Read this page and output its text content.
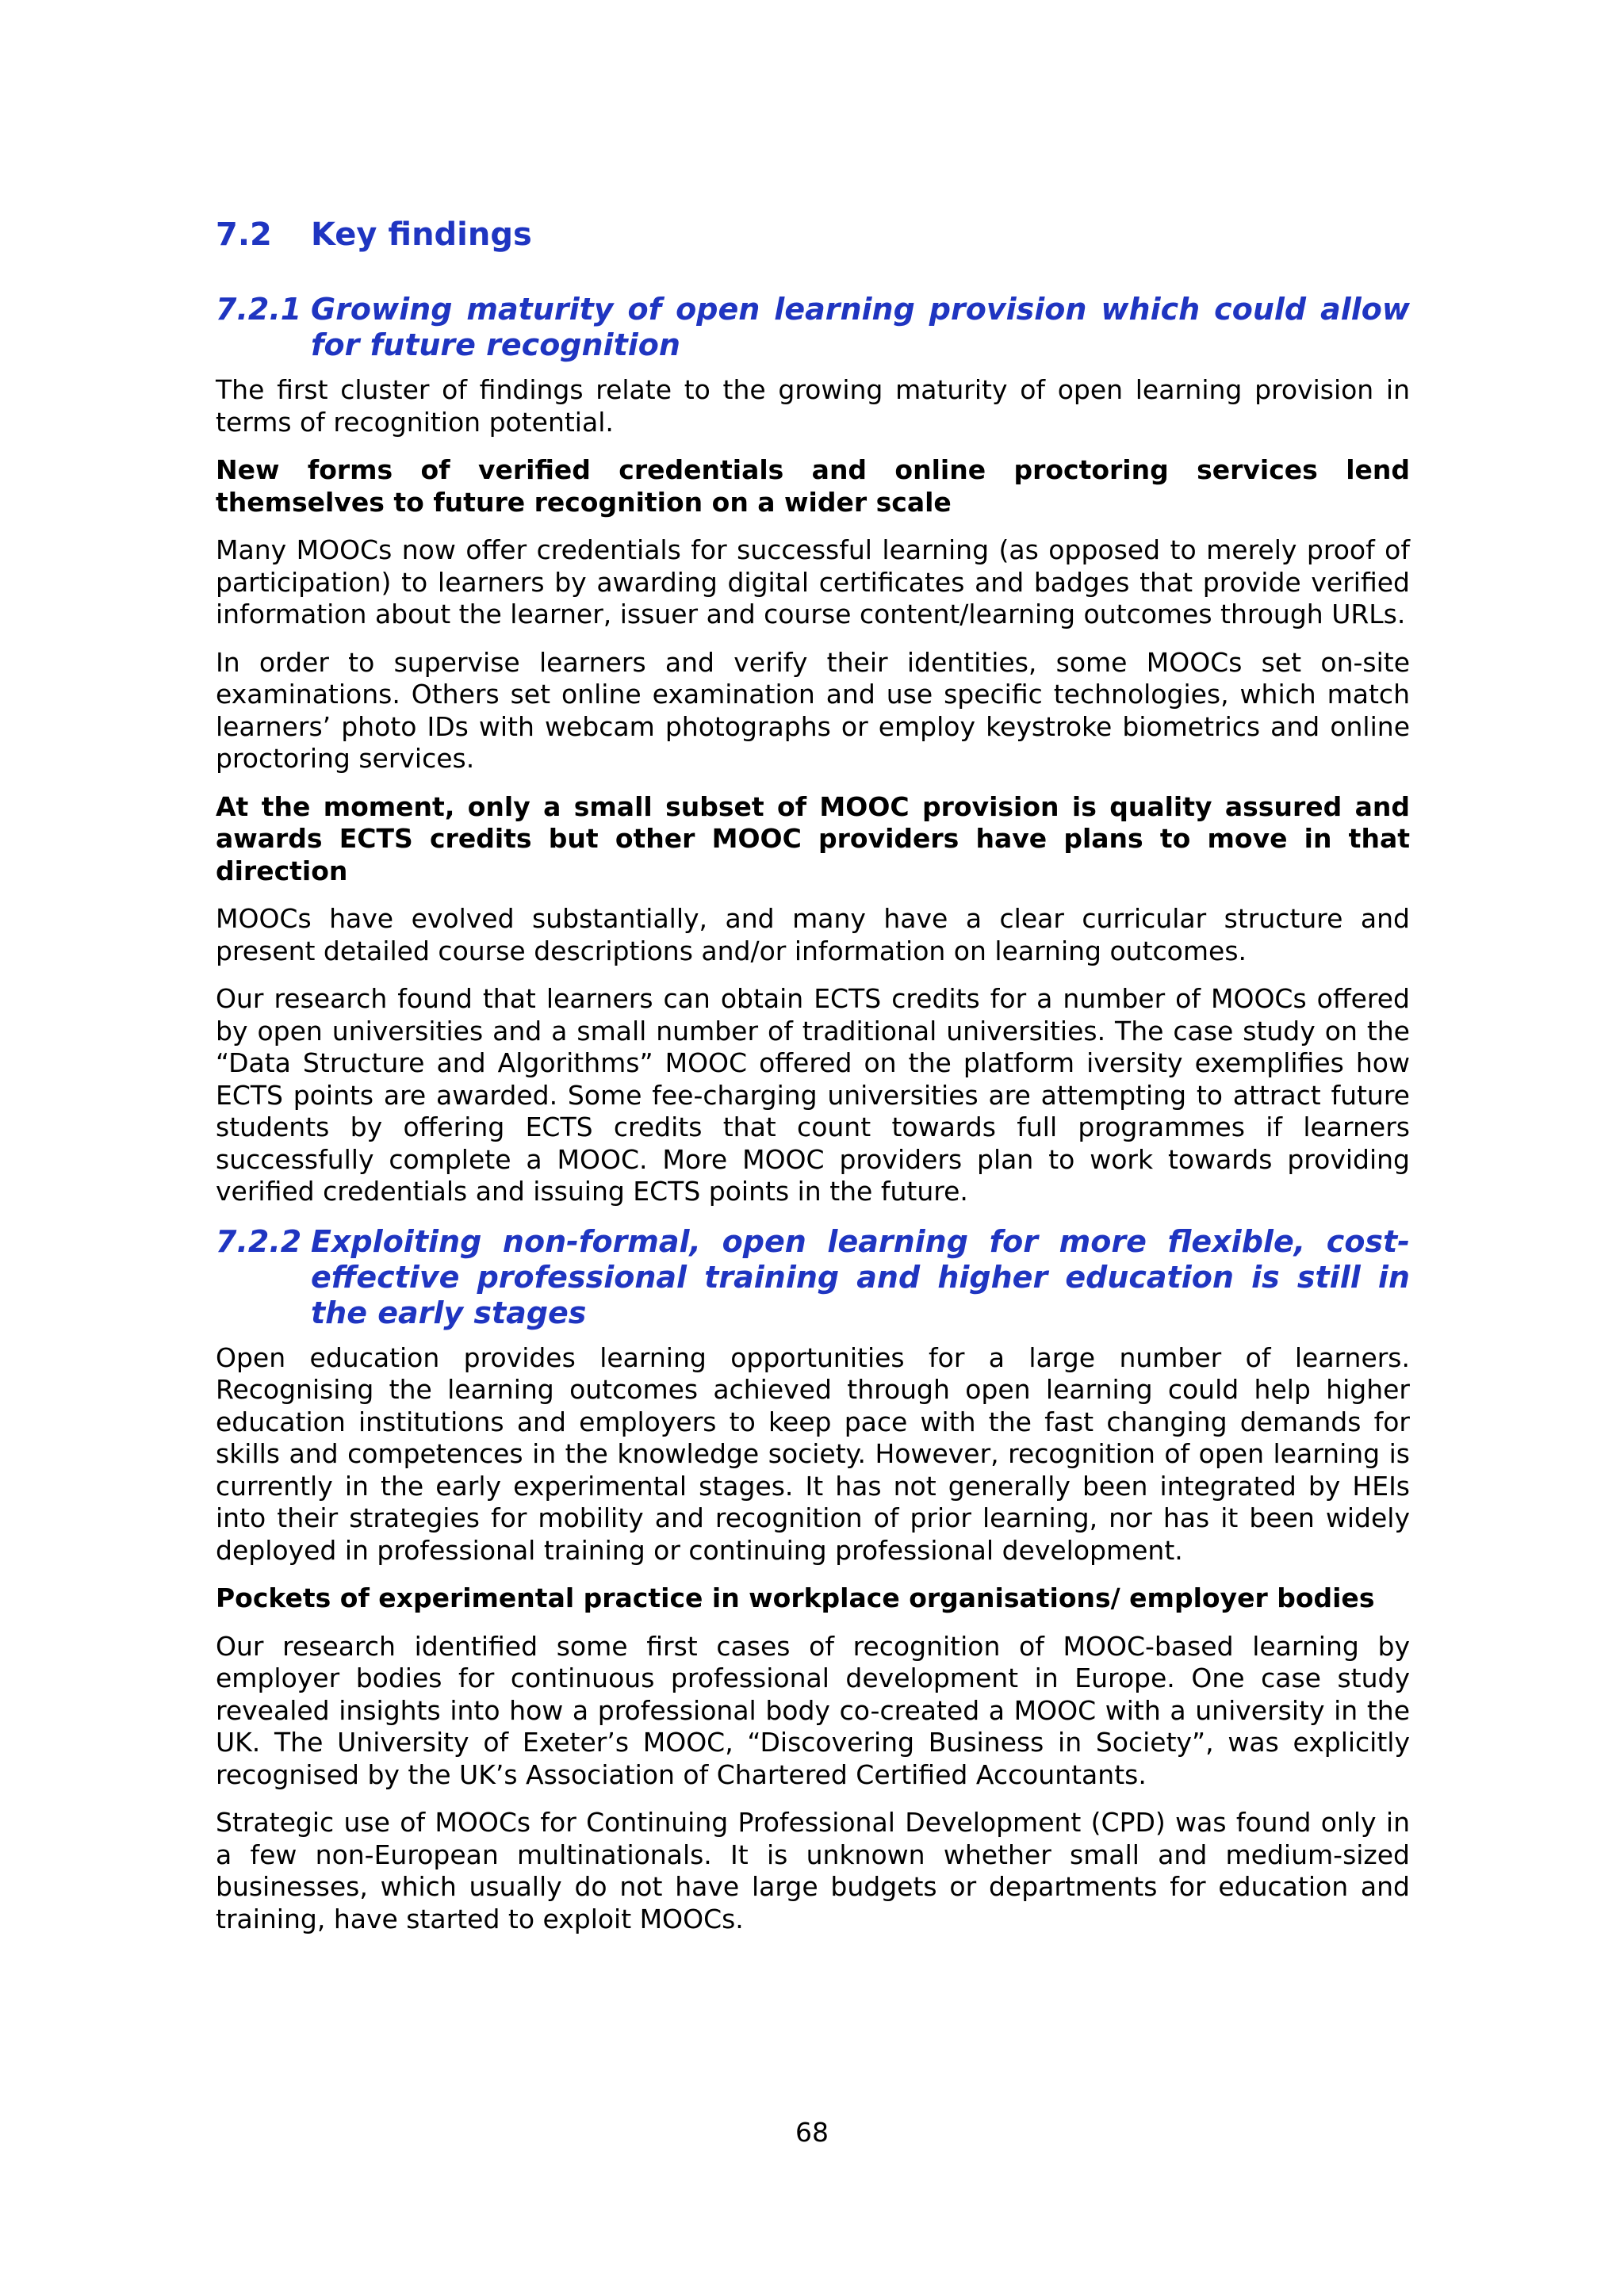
7.2	Key findings
7.2.1 Growing maturity of open learning provision which could allow for future recognition

The first cluster of findings relate to the growing maturity of open learning provision in terms of recognition potential.

New forms of verified credentials and online proctoring services lend themselves to future recognition on a wider scale

Many MOOCs now offer credentials for successful learning (as opposed to merely proof of participation) to learners by awarding digital certificates and badges that provide verified information about the learner, issuer and course content/learning outcomes through URLs.

In order to supervise learners and verify their identities, some MOOCs set on-site examinations. Others set online examination and use specific technologies, which match learners’ photo IDs with webcam photographs or employ keystroke biometrics and online proctoring services.

At the moment, only a small subset of MOOC provision is quality assured and awards ECTS credits but other MOOC providers have plans to move in that direction

MOOCs have evolved substantially, and many have a clear curricular structure and present detailed course descriptions and/or information on learning outcomes.

Our research found that learners can obtain ECTS credits for a number of MOOCs offered by open universities and a small number of traditional universities. The case study on the “Data Structure and Algorithms” MOOC offered on the platform iversity exemplifies how ECTS points are awarded. Some fee-charging universities are attempting to attract future students by offering ECTS credits that count towards full programmes if learners successfully complete a MOOC. More MOOC providers plan to work towards providing verified credentials and issuing ECTS points in the future.

7.2.2 Exploiting non-formal, open learning for more flexible, cost-effective professional training and higher education is still in the early stages

Open education provides learning opportunities for a large number of learners. Recognising the learning outcomes achieved through open learning could help higher education institutions and employers to keep pace with the fast changing demands for skills and competences in the knowledge society. However, recognition of open learning is currently in the early experimental stages. It has not generally been integrated by HEIs into their strategies for mobility and recognition of prior learning, nor has it been widely deployed in professional training or continuing professional development.

Pockets of experimental practice in workplace organisations/ employer bodies

Our research identified some first cases of recognition of MOOC-based learning by employer bodies for continuous professional development in Europe. One case study revealed insights into how a professional body co-created a MOOC with a university in the UK. The University of Exeter’s MOOC, “Discovering Business in Society”, was explicitly recognised by the UK’s Association of Chartered Certified Accountants.

Strategic use of MOOCs for Continuing Professional Development (CPD) was found only in a few non-European multinationals. It is unknown whether small and medium-sized businesses, which usually do not have large budgets or departments for education and training, have started to exploit MOOCs.

68
